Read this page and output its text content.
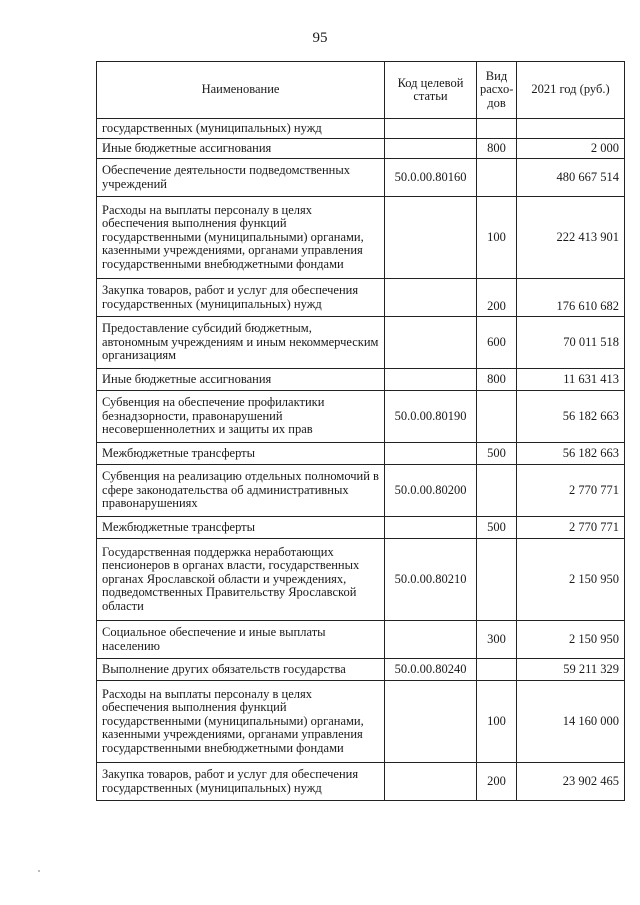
95
Наименование	Код целевой статьи	Вид расхо-дов	2021 год (руб.)
государственных (муниципальных) нужд			
Иные бюджетные ассигнования		800	2 000
Обеспечение деятельности подведомственных учреждений	50.0.00.80160		480 667 514
Расходы на выплаты персоналу в целях обеспечения выполнения функций государственными (муниципальными) органами, казенными учреждениями, органами управления государственными внебюджетными фондами		100	222 413 901
Закупка товаров, работ и услуг для обеспечения государственных (муниципальных) нужд		200	176 610 682
Предоставление субсидий бюджетным, автономным учреждениям и иным некоммерческим организациям		600	70 011 518
Иные бюджетные ассигнования		800	11 631 413
Субвенция на обеспечение профилактики безнадзорности, правонарушений несовершеннолетних и защиты их прав	50.0.00.80190		56 182 663
Межбюджетные трансферты		500	56 182 663
Субвенция на реализацию отдельных полномочий в сфере законодательства об административных правонарушениях	50.0.00.80200		2 770 771
Межбюджетные трансферты		500	2 770 771
Государственная поддержка неработающих пенсионеров в органах власти, государственных органах Ярославской области и учреждениях, подведомственных Правительству Ярославской области	50.0.00.80210		2 150 950
Социальное обеспечение и иные выплаты населению		300	2 150 950
Выполнение других обязательств государства	50.0.00.80240		59 211 329
Расходы на выплаты персоналу в целях обеспечения выполнения функций государственными (муниципальными) органами, казенными учреждениями, органами управления государственными внебюджетными фондами		100	14 160 000
Закупка товаров, работ и услуг для обеспечения государственных (муниципальных) нужд		200	23 902 465
